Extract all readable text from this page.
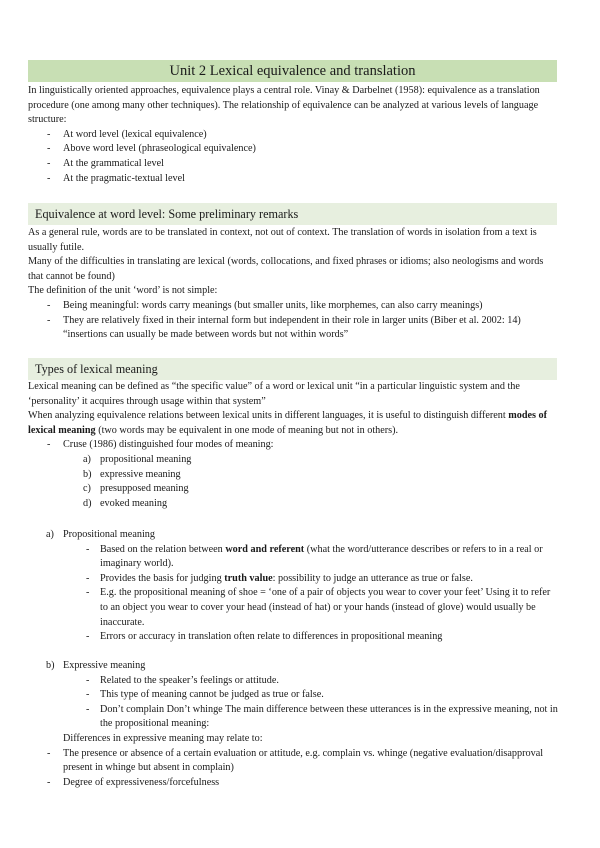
Unit 2 Lexical equivalence and translation

In linguistically oriented approaches, equivalence plays a central role. Vinay & Darbelnet (1958): equivalence as a translation procedure (one among many other techniques). The relationship of equivalence can be analyzed at various levels of language structure:

- At word level (lexical equivalence)

- Above word level (phraseological equivalence)

- At the grammatical level

- At the pragmatic-textual level

Equivalence at word level: Some preliminary remarks

As a general rule, words are to be translated in context, not out of context. The translation of words in isolation from a text is usually futile.

Many of the difficulties in translating are lexical (words, collocations, and fixed phrases or idioms; also neologisms and words that cannot be found)

The definition of the unit ‘word’ is not simple:

- Being meaningful: words carry meanings (but smaller units, like morphemes, can also carry meanings)

- They are relatively fixed in their internal form but independent in their role in larger units (Biber et al. 2002: 14) “insertions can usually be made between words but not within words”

Types of lexical meaning

Lexical meaning can be defined as “the specific value” of a word or lexical unit “in a particular linguistic system and the ‘personality’ it acquires through usage within that system”

When analyzing equivalence relations between lexical units in different languages, it is useful to distinguish different modes of lexical meaning (two words may be equivalent in one mode of meaning but not in others).

- Cruse (1986) distinguished four modes of meaning:

a) propositional meaning

b) expressive meaning

c) presupposed meaning

d) evoked meaning

a) Propositional meaning

- Based on the relation between word and referent (what the word/utterance describes or refers to in a real or imaginary world).

- Provides the basis for judging truth value: possibility to judge an utterance as true or false.

- E.g. the propositional meaning of shoe = ‘one of a pair of objects you wear to cover your feet’ Using it to refer to an object you wear to cover your head (instead of hat) or your hands (instead of glove) would usually be inaccurate.

- Errors or accuracy in translation often relate to differences in propositional meaning

b) Expressive meaning

- Related to the speaker’s feelings or attitude.

- This type of meaning cannot be judged as true or false.

- Don’t complain Don’t whinge The main difference between these utterances is in the expressive meaning, not in the propositional meaning:

Differences in expressive meaning may relate to:

- The presence or absence of a certain evaluation or attitude, e.g. complain vs. whinge (negative evaluation/disapproval present in whinge but absent in complain)

- Degree of expressiveness/forcefulness
